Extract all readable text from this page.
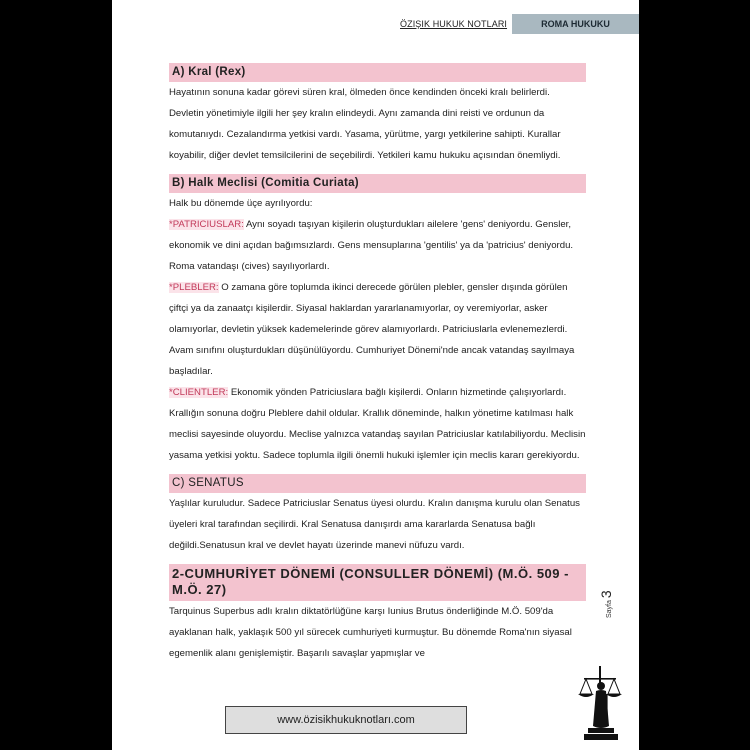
ÖZIŞIK HUKUK NOTLARI	ROMA HUKUKU
A) Kral (Rex)

Hayatının sonuna kadar görevi süren kral, ölmeden önce kendinden önceki kralı belirlerdi. Devletin yönetimiyle ilgili her şey kralın elindeydi. Aynı zamanda dini reisti ve ordunun da komutanıydı. Cezalandırma yetkisi vardı. Yasama, yürütme, yargı yetkilerine sahipti. Kurallar koyabilir, diğer devlet temsilcilerini de seçebilirdi. Yetkileri kamu hukuku açısından önemliydi.

B) Halk Meclisi (Comitia Curiata)

Halk bu dönemde üçe ayrılıyordu:

*PATRICIUSLAR: Aynı soyadı taşıyan kişilerin oluşturdukları ailelere 'gens' deniyordu. Gensler, ekonomik ve dini açıdan bağımsızlardı. Gens mensuplarına 'gentilis' ya da 'patricius' deniyordu. Roma vatandaşı (cives) sayılıyorlardı.

*PLEBLER: O zamana göre toplumda ikinci derecede görülen plebler, gensler dışında görülen çiftçi ya da zanaatçı kişilerdir. Siyasal haklardan yararlanamıyorlar, oy veremiyorlar, asker olamıyorlar, devletin yüksek kademelerinde görev alamıyorlardı. Patriciuslarla evlenemezlerdi. Avam sınıfını oluşturdukları düşünülüyordu. Cumhuriyet Dönemi'nde ancak vatandaş sayılmaya başladılar.

*CLIENTLER: Ekonomik yönden Patriciuslara bağlı kişilerdi. Onların hizmetinde çalışıyorlardı. Krallığın sonuna doğru Pleblere dahil oldular. Krallık döneminde, halkın yönetime katılması halk meclisi sayesinde oluyordu. Meclise yalnızca vatandaş sayılan Patriciuslar katılabiliyordu. Meclisin yasama yetkisi yoktu. Sadece toplumla ilgili önemli hukuki işlemler için meclis kararı gerekiyordu.

C) SENATUS

Yaşlılar kuruludur. Sadece Patriciuslar Senatus üyesi olurdu. Kralın danışma kurulu olan Senatus üyeleri kral tarafından seçilirdi. Kral Senatusa danışırdı ama kararlarda Senatusa bağlı değildi.Senatusun kral ve devlet hayatı üzerinde manevi nüfuzu vardı.

2-CUMHURİYET DÖNEMİ (CONSULLER DÖNEMİ) (M.Ö. 509 - M.Ö. 27)

Tarquinus Superbus adlı kralın diktatörlüğüne karşı Iunius Brutus önderliğinde M.Ö. 509'da ayaklanan halk, yaklaşık 500 yıl sürecek cumhuriyeti kurmuştur. Bu dönemde Roma'nın siyasal egemenlik alanı genişlemiştir. Başarılı savaşlar yapmışlar ve

Sayfa3
www.özisikhukuknotları.com
